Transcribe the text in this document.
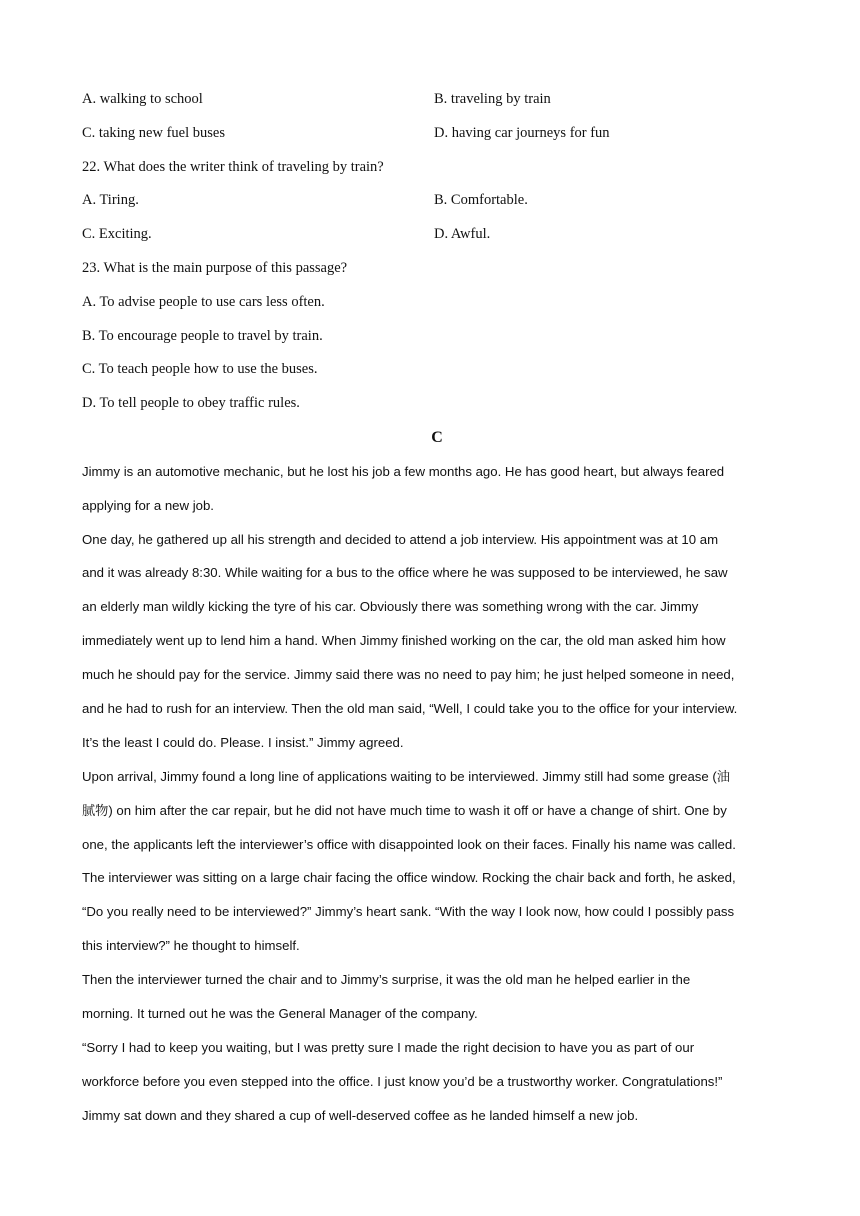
A. walking to school	B. traveling by train
C. taking new fuel buses	D. having car journeys for fun
22. What does the writer think of traveling by train?
A. Tiring.	B. Comfortable.
C. Exciting.	D. Awful.
23. What is the main purpose of this passage?
A. To advise people to use cars less often.
B. To encourage people to travel by train.
C. To teach people how to use the buses.
D. To tell people to obey traffic rules.
C
Jimmy is an automotive mechanic, but he lost his job a few months ago. He has good heart, but always feared
applying for a new job.
One day, he gathered up all his strength and decided to attend a job interview. His appointment was at 10 am
and it was already 8:30. While waiting for a bus to the office where he was supposed to be interviewed, he saw
an elderly man wildly kicking the tyre of his car. Obviously there was something wrong with the car. Jimmy
immediately went up to lend him a hand. When Jimmy finished working on the car, the old man asked him how
much he should pay for the service. Jimmy said there was no need to pay him; he just helped someone in need,
and he had to rush for an interview. Then the old man said, “Well, I could take you to the office for your interview.
It’s the least I could do. Please. I insist.” Jimmy agreed.
Upon arrival, Jimmy found a long line of applications waiting to be interviewed. Jimmy still had some grease (油
腻物) on him after the car repair, but he did not have much time to wash it off or have a change of shirt. One by
one, the applicants left the interviewer’s office with disappointed look on their faces. Finally his name was called.
The interviewer was sitting on a large chair facing the office window. Rocking the chair back and forth, he asked,
“Do you really need to be interviewed?” Jimmy’s heart sank. “With the way I look now, how could I possibly pass
this interview?” he thought to himself.
Then the interviewer turned the chair and to Jimmy’s surprise, it was the old man he helped earlier in the
morning. It turned out he was the General Manager of the company.
“Sorry I had to keep you waiting, but I was pretty sure I made the right decision to have you as part of our
workforce before you even stepped into the office. I just know you’d be a trustworthy worker. Congratulations!”
Jimmy sat down and they shared a cup of well-deserved coffee as he landed himself a new job.
